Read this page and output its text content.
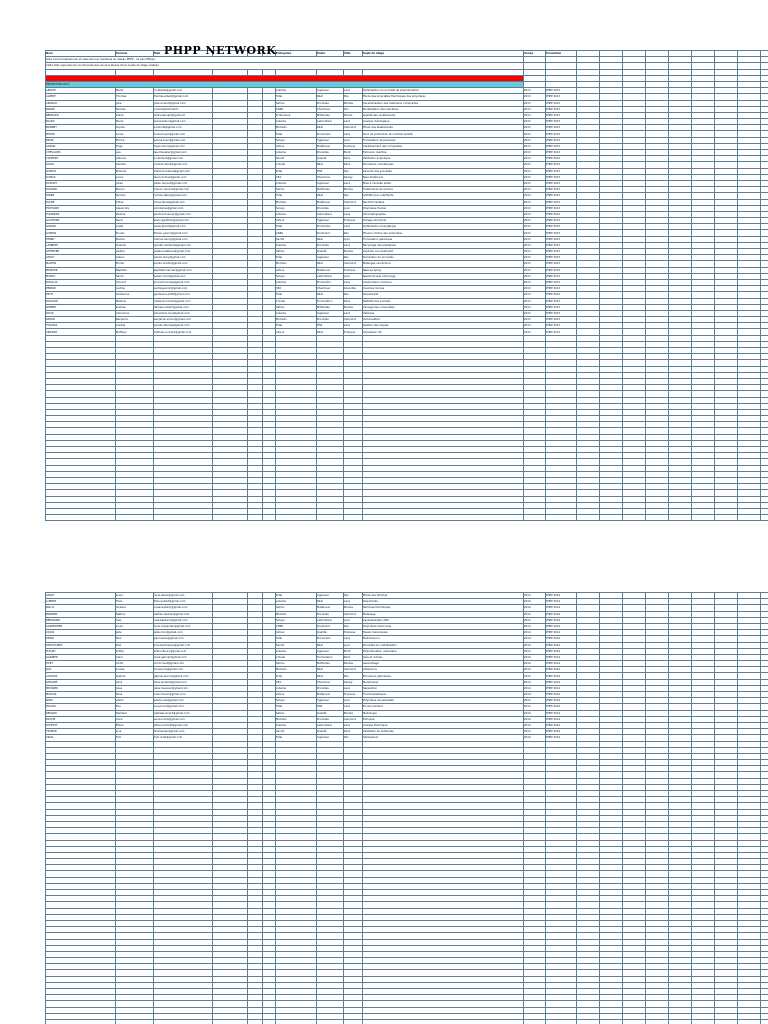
PHPP NETWORK
Nom	Prénom	Mail				Entreprise	Poste	Ville	Sujet de stage	Année	Promotion												
Liste à but professionnel et réservée aux membres du réseau PHPP - ne pas diffuser																							
Cette liste regroupe les coordonnées des anciens élèves et les sujets de stage réalisés																							

PROMOTION 2013																							
ABADIE	Marie	m.abadie@gmail.com				Arkema	Ingénieur	Lacq	Optimisation du procédé de polymérisation	2013	PHPP 2013												
ALBERT	Thomas	thomas.albert@gmail.com				Total	R&D	Pau	Étude des propriétés thermiques des polymères	2013	PHPP 2013												
ARNAUD	Julie	julie.arnaud@gmail.com				Safran	Procédés	Bordes	Caractérisation des matériaux composites	2013	PHPP 2013												
BARRE	Nicolas	n.barre@hotmail.fr				CNRS	Chercheur	Pau	Modélisation des interfaces	2013	PHPP 2013												
BERNARD	Claire	claire.bernard@yahoo.fr				Turbomeca	Méthodes	Tarnos	Qualité des revêtements	2013	PHPP 2013												
BLANC	Pierre	pierre.blanc@gmail.com				Arkema	Laboratoire	Lacq	Analyse rhéologique	2013	PHPP 2013												
BONNET	Sophie	s.bonnet@gmail.com				Michelin	R&D	Clermont	Étude des élastomères	2013	PHPP 2013												
BOYER	Lucas	lucas.boyer@gmail.com				Total	Production	Lacq	Suivi de production et contrôle qualité	2013	PHPP 2013												
BRUN	Emma	emma.brun@gmail.com				Solvay	Ingénieur	Lyon	Formulation de peintures	2013	PHPP 2013												
CARON	Hugo	hugo.caron@gmail.com				Airbus	Matériaux	Toulouse	Vieillissement des composites	2013	PHPP 2013												
CHEVALIER	Léa	lea.chevalier@gmail.com				Arkema	Procédés	Mont	Extrusion réactive	2013	PHPP 2013												
CLEMENT	Antoine	a.clement@gmail.com				Sanofi	Qualité	Paris	Validation analytique	2013	PHPP 2013												
DAVID	Camille	camille.david@gmail.com				L'Oréal	R&D	Paris	Émulsions cosmétiques	2013	PHPP 2013												
DUBOIS	Maxime	maxime.dubois@gmail.com				Total	HSE	Pau	Sécurité des procédés	2013	PHPP 2013												
DUMAS	Laura	laura.dumas@gmail.com				CEA	Chercheur	Saclay	Nanomatériaux	2013	PHPP 2013												
DUPONT	Julien	julien.dupont@gmail.com				Arkema	Ingénieur	Lacq	Mise à l'échelle pilote	2013	PHPP 2013												
DURAND	Manon	manon.durand@gmail.com				Safran	Méthodes	Bordes	Traitements de surface	2013	PHPP 2013												
FABRE	Romain	romain.fabre@gmail.com				Total	R&D	Pau	Additifs pour lubrifiants	2013	PHPP 2013												
FAURE	Chloé	chloe.faure@gmail.com				Michelin	Matériaux	Clermont	Renforts textiles	2013	PHPP 2013												
FONTAINE	Alexandre	a.fontaine@gmail.com				Solvay	Procédés	Lyon	Polymères fluorés	2013	PHPP 2013												
FOURNIER	Pauline	pauline.fournier@gmail.com				Arkema	Laboratoire	Lacq	Chromatographie	2013	PHPP 2013												
GAUTHIER	Kevin	kevin.gauthier@gmail.com				Airbus	Ingénieur	Toulouse	Collage structural	2013	PHPP 2013												
GIRARD	Anaïs	anais.girard@gmail.com				Total	Production	Lacq	Optimisation énergétique	2013	PHPP 2013												
GUERIN	Florian	florian.guerin@gmail.com				CNRS	Doctorant	Pau	Physico-chimie des polymères	2013	PHPP 2013												
HENRY	Marine	marine.henry@gmail.com				Sanofi	R&D	Lyon	Formulation galénique	2013	PHPP 2013												
LAMBERT	Quentin	quentin.lambert@gmail.com				Arkema	Procédés	Lacq	Recyclage des plastiques	2013	PHPP 2013												
LEFEBVRE	Justine	justine.lefebvre@gmail.com				Safran	Qualité	Bordes	Contrôle non destructif	2013	PHPP 2013												
LEROY	Adrien	adrien.leroy@gmail.com				Total	Ingénieur	Pau	Simulation de procédés	2013	PHPP 2013												
MARTIN	Élodie	elodie.martin@gmail.com				Michelin	R&D	Clermont	Mélanges caoutchouc	2013	PHPP 2013												
MERCIER	Baptiste	baptiste.mercier@gmail.com				Airbus	Matériaux	Toulouse	Résines époxy	2013	PHPP 2013												
MOREL	Sarah	sarah.morel@gmail.com				Solvay	Laboratoire	Lyon	Spectroscopie infrarouge	2013	PHPP 2013												
NICOLAS	Vincent	vincent.nicolas@gmail.com				Arkema	Production	Lacq	Amélioration continue	2013	PHPP 2013												
PERRIN	Audrey	audrey.perrin@gmail.com				CEA	Chercheur	Grenoble	Couches minces	2013	PHPP 2013												
PETIT	Guillaume	guillaume.petit@gmail.com				Total	R&D	Pau	Tensioactifs	2013	PHPP 2013												
RICHARD	Mélanie	melanie.richard@gmail.com				L'Oréal	Formulation	Paris	Stabilité des produits	2013	PHPP 2013												
ROBERT	Damien	damien.robert@gmail.com				Safran	Méthodes	Bordes	Usinage des composites	2013	PHPP 2013												
ROUX	Amandine	amandine.roux@gmail.com				Arkema	Ingénieur	Lacq	Catalyse	2013	PHPP 2013												
SIMON	Benjamin	benjamin.simon@gmail.com				Michelin	Procédés	Clermont	Vulcanisation	2013	PHPP 2013												
THOMAS	Aurélie	aurelie.thomas@gmail.com				Total	HSE	Lacq	Gestion des risques	2013	PHPP 2013												
VINCENT	Mathieu	mathieu.vincent@gmail.com				Airbus	R&D	Toulouse	Impression 3D	2013	PHPP 2013												

ADAM	Lucie	lucie.adam@gmail.com				Total	Ingénieur	Pau	Étude des bitumes	2014	PHPP 2014												
AUBERT	Théo	theo.aubert@gmail.com				Arkema	R&D	Lacq	Polyamides	2014	PHPP 2014												
BAILLY	Océane	oceane.bailly@gmail.com				Safran	Matériaux	Bordes	Barrières thermiques	2014	PHPP 2014												
BARBIER	Nathan	nathan.barbier@gmail.com				Michelin	Procédés	Clermont	Malaxage	2014	PHPP 2014												
BERTRAND	Inès	ines.bertrand@gmail.com				Solvay	Laboratoire	Lyon	Caractérisation DSC	2014	PHPP 2014												
CARPENTIER	Louis	louis.carpentier@gmail.com				CNRS	Doctorant	Pau	Polymères biosourcés	2014	PHPP 2014												
COLIN	Jade	jade.colin@gmail.com				Airbus	Qualité	Toulouse	Essais mécaniques	2014	PHPP 2014												
DENIS	Paul	paul.denis@gmail.com				Total	Production	Lacq	Maintenance	2014	PHPP 2014												
DESCHAMPS	Zoé	zoe.deschamps@gmail.com				Sanofi	R&D	Lyon	Procédés de cristallisation	2014	PHPP 2014												
FLEURY	Arthur	arthur.fleury@gmail.com				Arkema	Ingénieur	Mont	Polymérisation radicalaire	2014	PHPP 2014												
GARNIER	Clara	clara.garnier@gmail.com				L'Oréal	Formulation	Paris	Gels et crèmes	2014	PHPP 2014												
HUET	Victor	victor.huet@gmail.com				Safran	Méthodes	Bordes	Assemblage	2014	PHPP 2014												
JOLY	Louise	louise.joly@gmail.com				Michelin	R&D	Clermont	Adhérence	2014	PHPP 2014												
LACROIX	Gabriel	gabriel.lacroix@gmail.com				Total	R&D	Pau	Émulsions pétrolières	2014	PHPP 2014												
LEMAIRE	Alice	alice.lemaire@gmail.com				CEA	Chercheur	Saclay	Membranes	2014	PHPP 2014												
MEUNIER	Jules	jules.meunier@gmail.com				Arkema	Procédés	Lacq	Séparation	2014	PHPP 2014												
MOULIN	Rose	rose.moulin@gmail.com				Airbus	Matériaux	Toulouse	Thermoplastiques	2014	PHPP 2014												
NOEL	Adam	adam.noel@gmail.com				Solvay	Ingénieur	Lyon	Polymères de spécialité	2014	PHPP 2014												
PICARD	Eva	eva.picard@gmail.com				Total	HSE	Lacq	Environnement	2014	PHPP 2014												
RENARD	Raphaël	raphael.renard@gmail.com				Safran	Qualité	Bordes	Métrologie	2014	PHPP 2014												
ROCHE	Anna	anna.roche@gmail.com				Michelin	Procédés	Clermont	Extrusion	2014	PHPP 2014												
SCHMITT	Ethan	ethan.schmitt@gmail.com				Arkema	Laboratoire	Lacq	Analyse thermique	2014	PHPP 2014												
TESSIER	Lina	lina.tessier@gmail.com				Sanofi	Qualité	Paris	Validation de méthodes	2014	PHPP 2014												
VIDAL	Tom	tom.vidal@gmail.com				Total	Ingénieur	Pau	Catalyseurs	2014	PHPP 2014												
